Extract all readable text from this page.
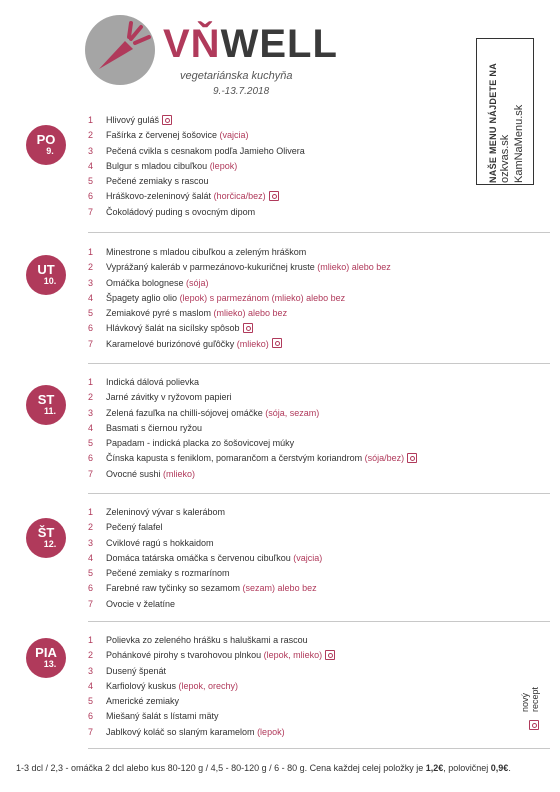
VŇWELL
vegetariánska kuchyňa
9.-13.7.2018	NAŠE MENU NÁJDETE NA ozkvas.sk KamNaMenu.sk
PO
9.
1 Hlivový guláš
2 Fašírka z červenej šošovice (vajcia)
3 Pečená cvikla s cesnakom podľa Jamieho Olivera
4 Bulgur s mladou cibuľkou (lepok)
5 Pečené zemiaky s rascou
6 Hráškovo-zeleninový šalát (horčica/bez)
7 Čokoládový puding s ovocným dipom
UT
10.
1 Minestrone s mladou cibuľkou a zeleným hráškom
2 Vyprážaný kaleráb v parmezánovo-kukuričnej kruste (mlieko) alebo bez
3 Omáčka bolognese (sója)
4 Špagety aglio olio (lepok) s parmezánom (mlieko) alebo bez
5 Zemiakové pyré s maslom (mlieko) alebo bez
6 Hlávkový šalát na sicílsky spôsob
7 Karamelové burizónové guľôčky (mlieko)
ST
11.
1 Indická dálová polievka
2 Jarné závitky v ryžovom papieri
3 Zelená fazuľka na chilli-sójovej omáčke (sója, sezam)
4 Basmati s čiernou ryžou
5 Papadam - indická placka zo šošovicovej múky
6 Čínska kapusta s feniklom, pomarančom a čerstvým koriandrom (sója/bez)
7 Ovocné sushi (mlieko)
ŠT
12.
1 Zeleninový vývar s kalerábom
2 Pečený falafel
3 Cviklové ragú s hokkaidom
4 Domáca tatárska omáčka s červenou cibuľkou (vajcia)
5 Pečené zemiaky s rozmarínom
6 Farebné raw tyčinky so sezamom (sezam) alebo bez
7 Ovocie v želatíne
PIA
13.
1 Polievka zo zeleného hrášku s haluškami a rascou
2 Pohánkové pirohy s tvarohovou plnkou (lepok, mlieko)
3 Dusený špenát
4 Karfiolový kuskus (lepok, orechy)
5 Americké zemiaky
6 Miešaný šalát s lístami mäty
7 Jablkový koláč so slaným karamelom (lepok)
nový recept
1-3 dcl / 2,3 - omáčka 2 dcl alebo kus 80-120 g / 4,5 - 80-120 g / 6 - 80 g. Cena každej celej položky je 1,2€, polovičnej 0,9€.
